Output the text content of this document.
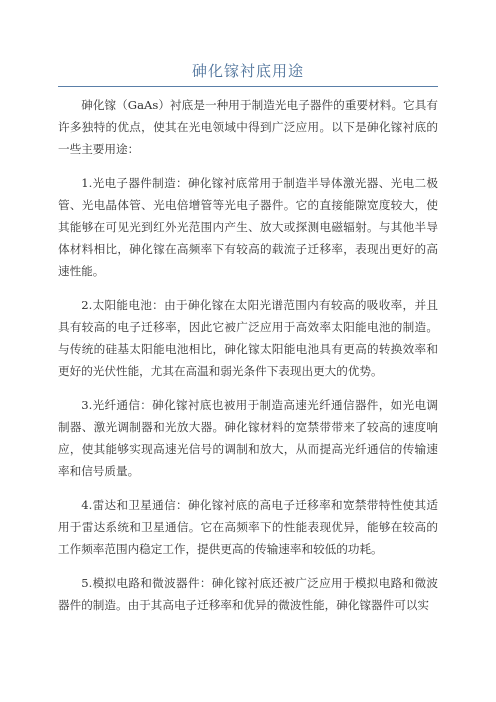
砷化镓衬底用途

砷化镓（GaAs）衬底是一种用于制造光电子器件的重要材料。它具有许多独特的优点，使其在光电领域中得到广泛应用。以下是砷化镓衬底的一些主要用途：

1.光电子器件制造：砷化镓衬底常用于制造半导体激光器、光电二极管、光电晶体管、光电倍增管等光电子器件。它的直接能隙宽度较大，使其能够在可见光到红外光范围内产生、放大或探测电磁辐射。与其他半导体材料相比，砷化镓在高频率下有较高的载流子迁移率，表现出更好的高速性能。

2.太阳能电池：由于砷化镓在太阳光谱范围内有较高的吸收率，并且具有较高的电子迁移率，因此它被广泛应用于高效率太阳能电池的制造。与传统的硅基太阳能电池相比，砷化镓太阳能电池具有更高的转换效率和更好的光伏性能，尤其在高温和弱光条件下表现出更大的优势。

3.光纤通信：砷化镓衬底也被用于制造高速光纤通信器件，如光电调制器、激光调制器和光放大器。砷化镓材料的宽禁带带来了较高的速度响应，使其能够实现高速光信号的调制和放大，从而提高光纤通信的传输速率和信号质量。

4.雷达和卫星通信：砷化镓衬底的高电子迁移率和宽禁带特性使其适用于雷达系统和卫星通信。它在高频率下的性能表现优异，能够在较高的工作频率范围内稳定工作，提供更高的传输速率和较低的功耗。

5.模拟电路和微波器件：砷化镓衬底还被广泛应用于模拟电路和微波器件的制造。由于其高电子迁移率和优异的微波性能，砷化镓器件可以实
